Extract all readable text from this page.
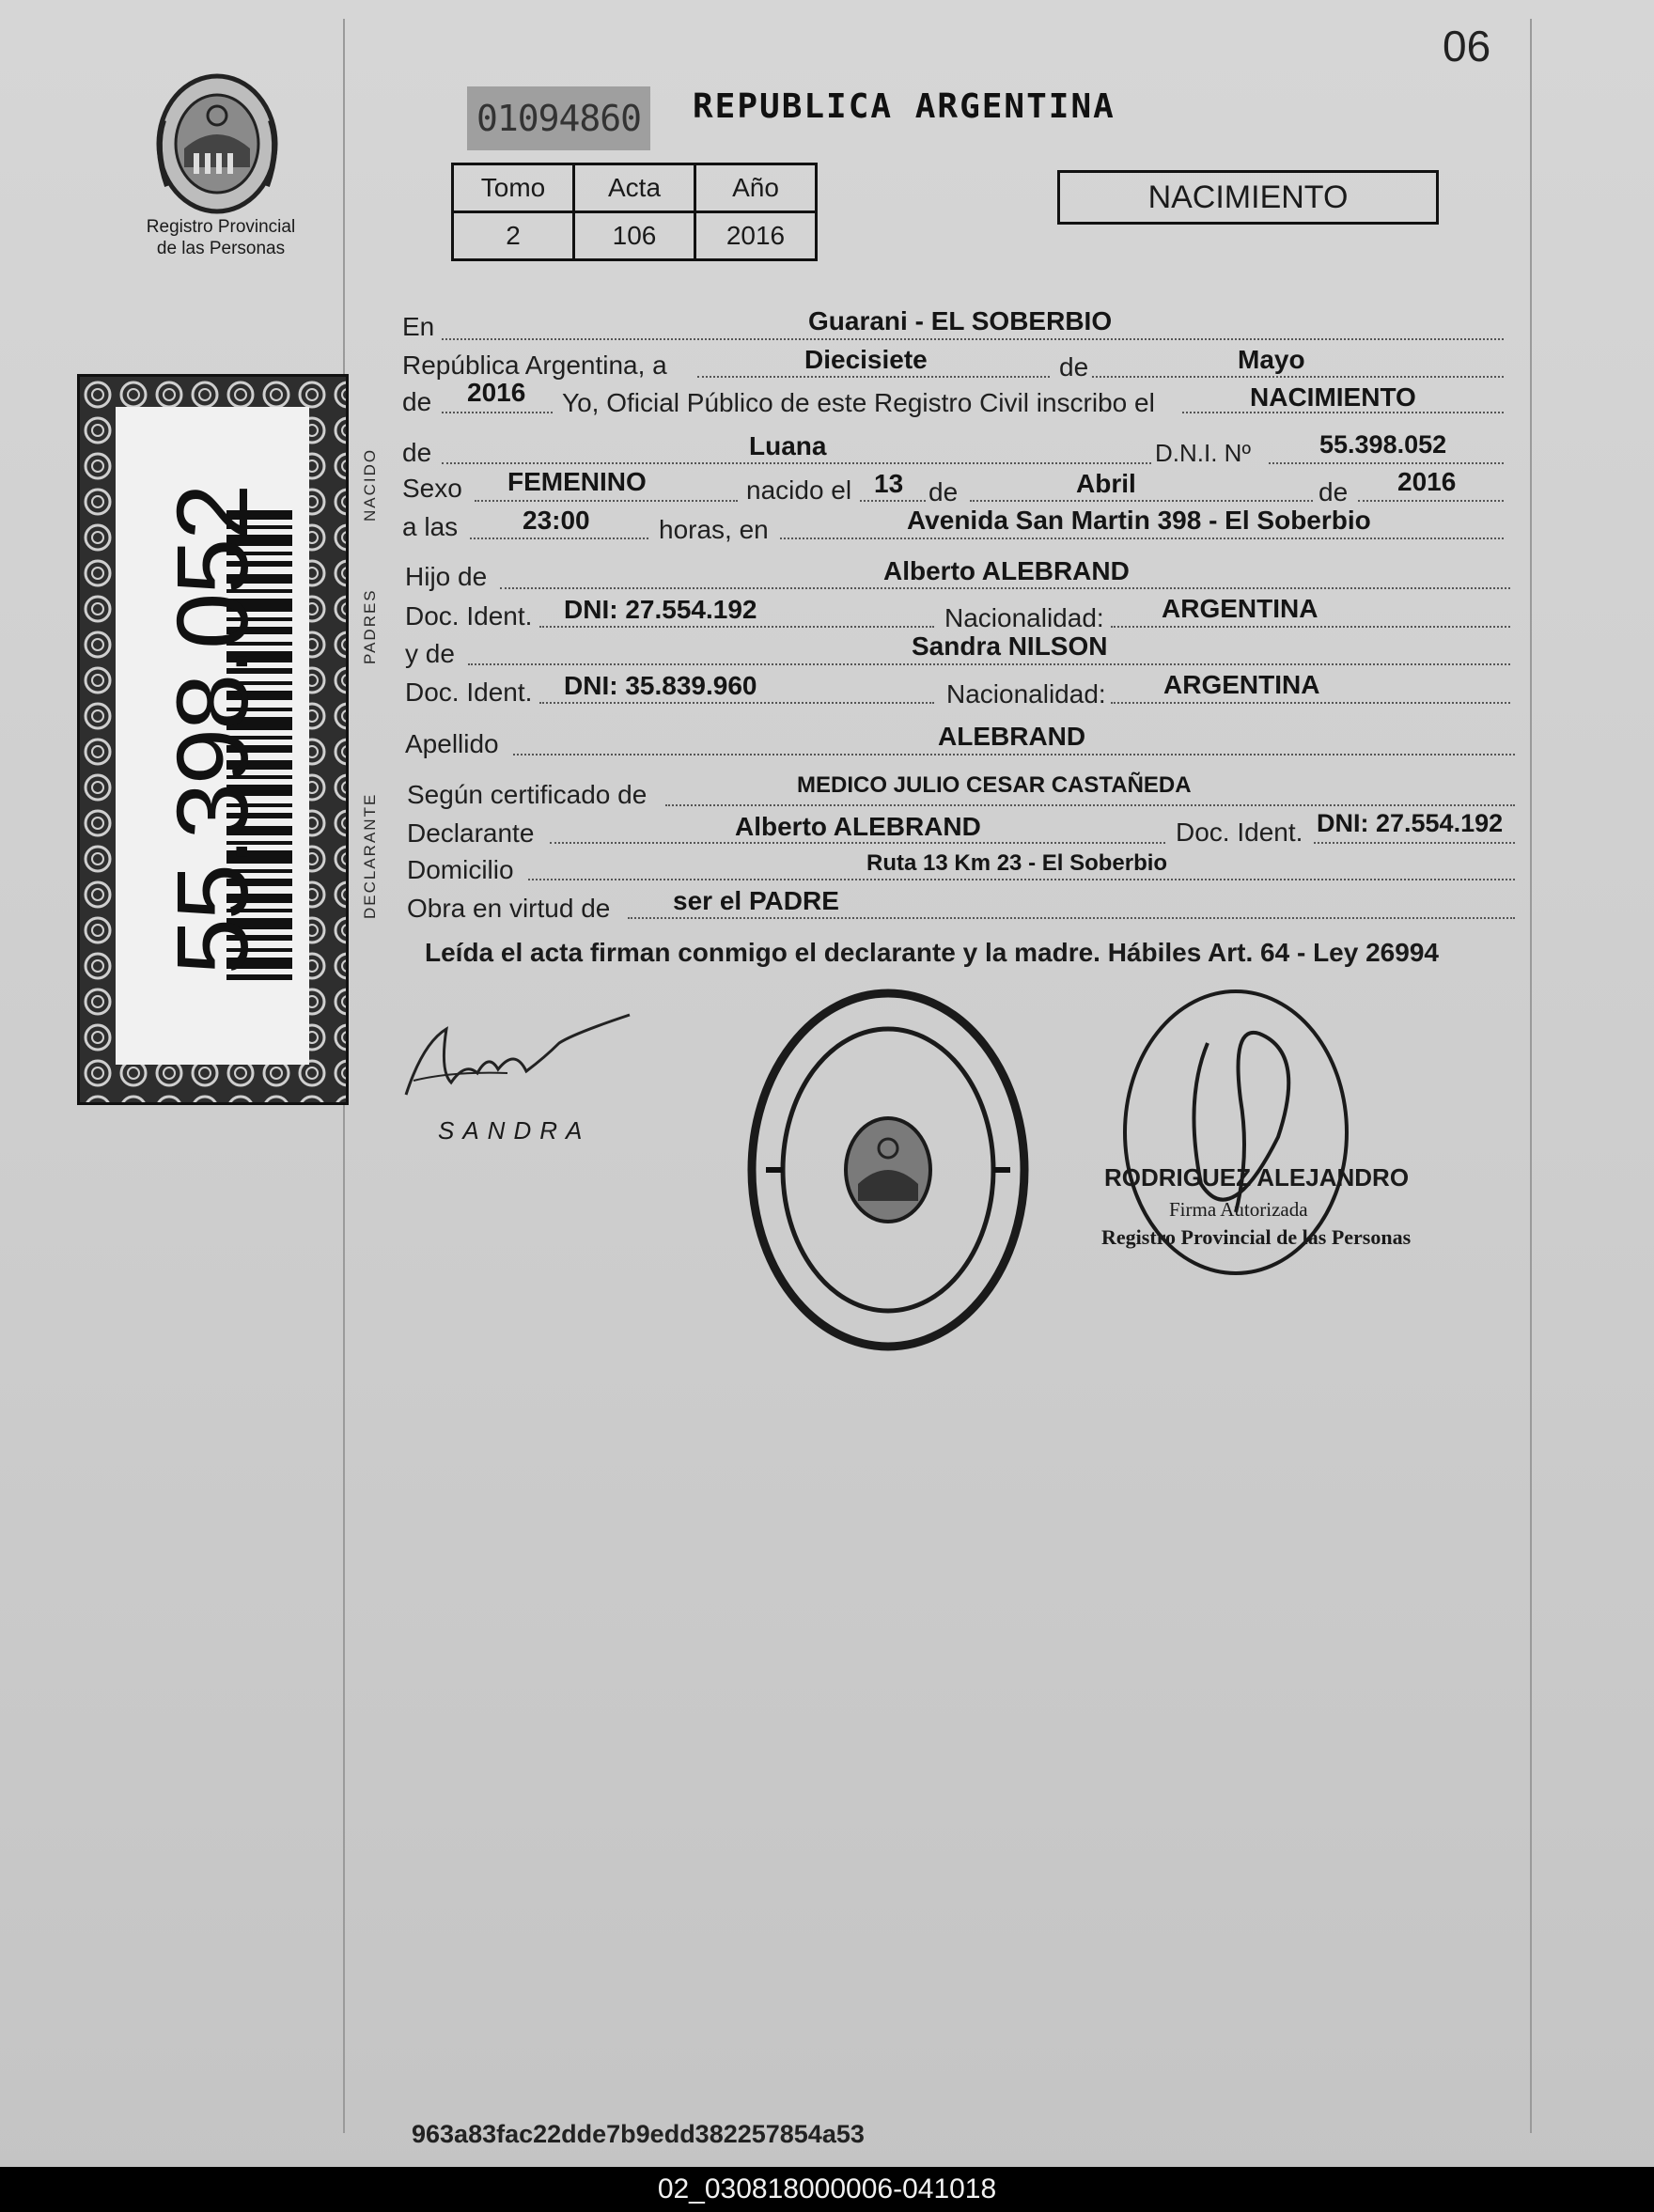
06
Registro Provincial
de las Personas
01094860 REPUBLICA ARGENTINA
Tomo	Acta	Año
2	106	2016
NACIMIENTO
55.398.052
NACIDO
PADRES
DECLARANTE
En	Guarani - EL SOBERBIO
República Argentina, a	Diecisiete	de	Mayo
de 2016 Yo, Oficial Público de este Registro Civil inscribo el	NACIMIENTO
de	Luana	D.N.I. Nº	55.398.052
Sexo FEMENINO	nacido el 13 de	Abril	de 2016
a las 23:00	horas, en	Avenida San Martin 398 - El Soberbio
Hijo de	Alberto ALEBRAND
Doc. Ident. DNI: 27.554.192	Nacionalidad: ARGENTINA
y de	Sandra NILSON
Doc. Ident. DNI: 35.839.960	Nacionalidad: ARGENTINA
Apellido	ALEBRAND
Según certificado de	MEDICO JULIO CESAR CASTAÑEDA
Declarante	Alberto ALEBRAND	Doc. Ident. DNI: 27.554.192
Domicilio	Ruta 13 Km 23 - El Soberbio
Obra en virtud de ser el PADRE
Leída el acta firman conmigo el declarante y la madre. Hábiles Art. 64 - Ley 26994
SANDRA
RODRIGUEZ ALEJANDRO
Firma Autorizada
Registro Provincial de las Personas
963a83fac22dde7b9edd382257854a53
02_030818000006-041018
